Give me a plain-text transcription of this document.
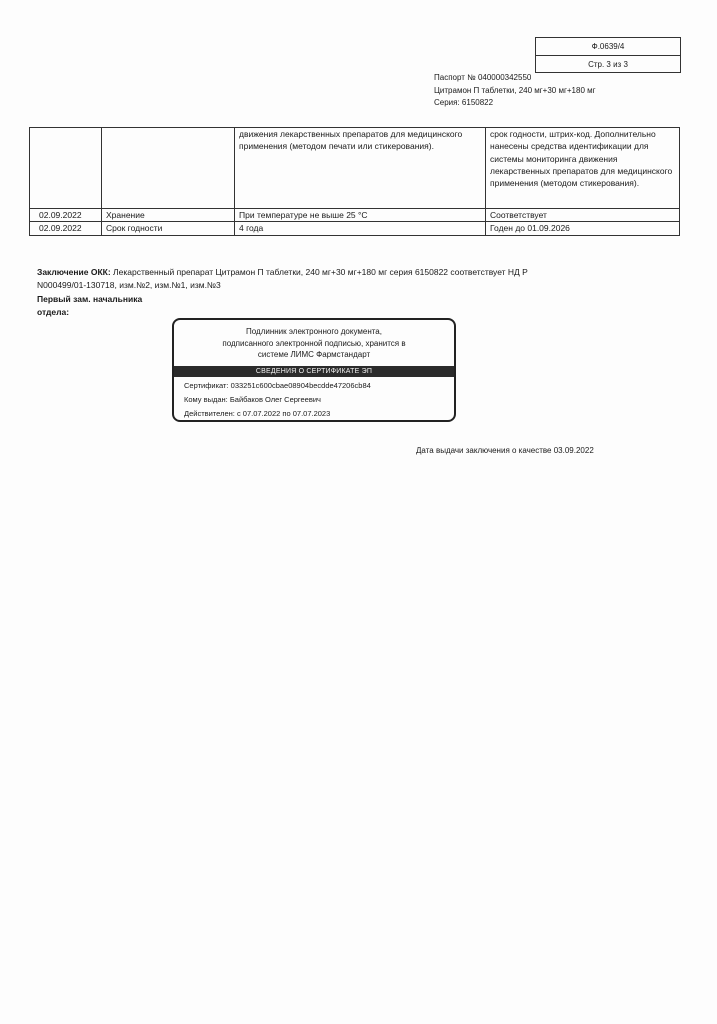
Ф.0639/4
Стр. 3 из 3
Паспорт № 040000342550
Цитрамон П таблетки, 240 мг+30 мг+180 мг
Серия: 6150822
		движения лекарственных препаратов для медицинского применения (методом печати или стикерования).	срок годности, штрих-код. Дополнительно нанесены средства идентификации для системы мониторинга движения лекарственных препаратов для медицинского применения (методом стикерования).
02.09.2022	Хранение	При температуре не выше 25 °С	Соответствует
02.09.2022	Срок годности	4 года	Годен до 01.09.2026
Заключение ОКК: Лекарственный препарат Цитрамон П таблетки, 240 мг+30 мг+180 мг серия 6150822 соответствует НД Р N000499/01-130718, изм.№2, изм.№1, изм.№3
Первый зам. начальника
отдела:
Подлинник электронного документа,
подписанного электронной подписью, хранится в
системе ЛИМС Фармстандарт
СВЕДЕНИЯ О СЕРТИФИКАТЕ ЭП
Сертификат: 033251c600cbae08904becdde47206cb84
Кому выдан: Байбаков Олег Сергеевич
Действителен: с 07.07.2022 по 07.07.2023
Дата выдачи заключения о качестве 03.09.2022
